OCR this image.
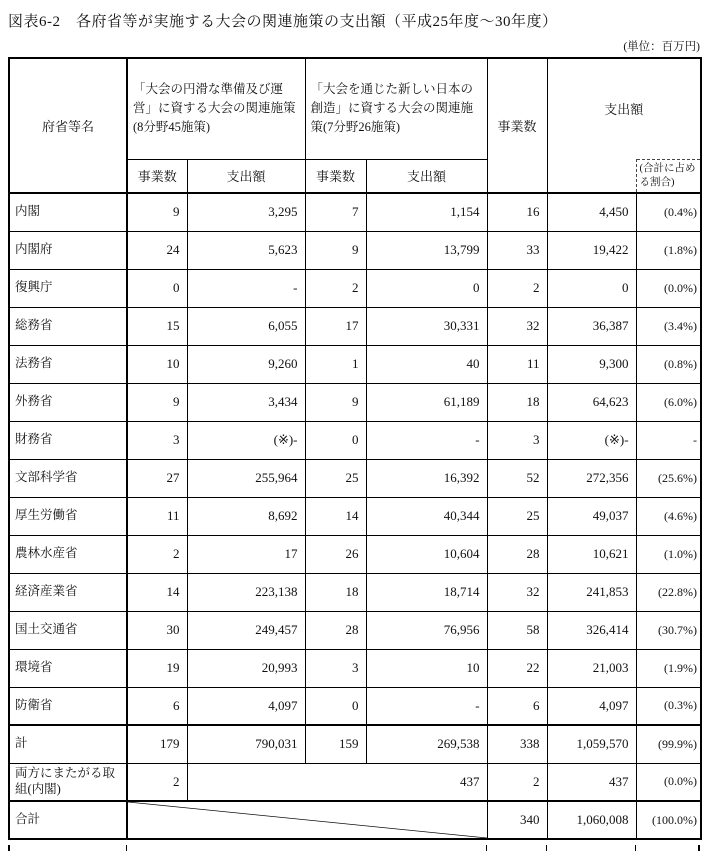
図表6-2　各府省等が実施する大会の関連施策の支出額（平成25年度～30年度）
(単位：百万円)
府省等名	「大会の円滑な準備及び運営」に資する大会の関連施策(8分野45施策)		「大会を通じた新しい日本の創造」に資する大会の関連施策(7分野26施策)		事業数	支出額	
	事業数	支出額	事業数	支出額			(合計に占める割合)
内閣	9	3,295	7	1,154	16	4,450	(0.4%)
内閣府	24	5,623	9	13,799	33	19,422	(1.8%)
復興庁	0	-	2	0	2	0	(0.0%)
総務省	15	6,055	17	30,331	32	36,387	(3.4%)
法務省	10	9,260	1	40	11	9,300	(0.8%)
外務省	9	3,434	9	61,189	18	64,623	(6.0%)
財務省	3	(※)-	0	-	3	(※)-	-
文部科学省	27	255,964	25	16,392	52	272,356	(25.6%)
厚生労働省	11	8,692	14	40,344	25	49,037	(4.6%)
農林水産省	2	17	26	10,604	28	10,621	(1.0%)
経済産業省	14	223,138	18	18,714	32	241,853	(22.8%)
国土交通省	30	249,457	28	76,956	58	326,414	(30.7%)
環境省	19	20,993	3	10	22	21,003	(1.9%)
防衛省	6	4,097	0	-	6	4,097	(0.3%)
計	179	790,031	159	269,538	338	1,059,570	(99.9%)
両方にまたがる取組(内閣)	2	437			2	437	(0.0%)
合計					340	1,060,008	(100.0%)
